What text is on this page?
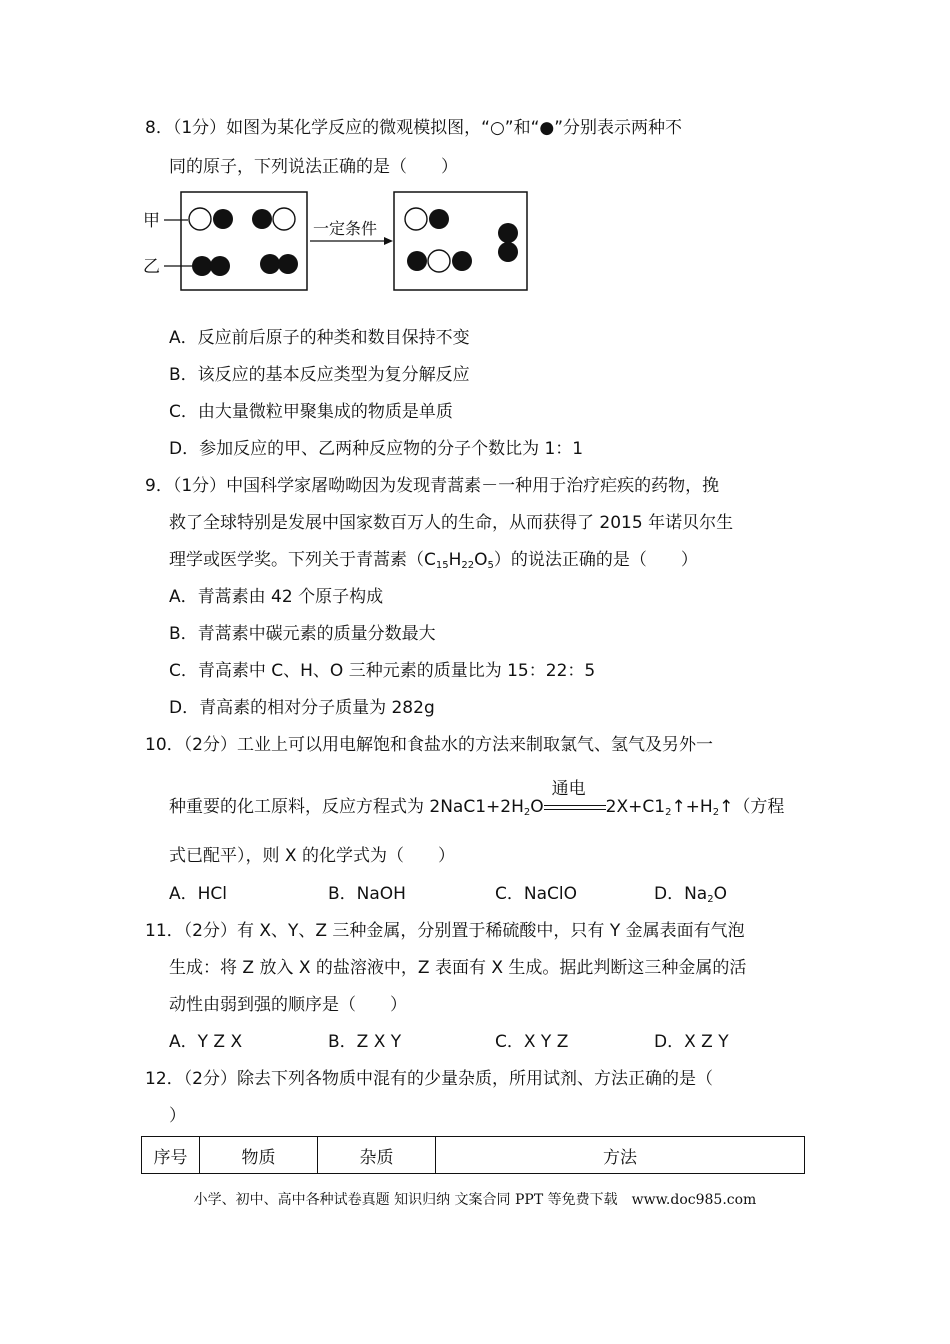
8．（1分）如图为某化学反应的微观模拟图，“○”和“●”分别表示两种不
同的原子，下列说法正确的是（　　）
甲
乙
一定条件
A．反应前后原子的种类和数目保持不变
B．该反应的基本反应类型为复分解反应
C．由大量微粒甲聚集成的物质是单质
D．参加反应的甲、乙两种反应物的分子个数比为 1：1
9．（1分）中国科学家屠呦呦因为发现青蒿素－一种用于治疗疟疾的药物，挽
救了全球特别是发展中国家数百万人的生命，从而获得了 2015 年诺贝尔生
理学或医学奖。下列关于青蒿素$(C_{15}H_{22}O_5)$的说法正确的是（　　）
A．青蒿素由 42 个原子构成
B．青蒿素中碳元素的质量分数最大
C．青高素中 C、H、O 三种元素的质量比为 15：22：5
D．青高素的相对分子质量为 282g
10．（2分）工业上可以用电解饱和食盐水的方法来制取氯气、氢气及另外一
种重要的化工原料，反应方程式为 $2NaC1+2H_2O$
通电
$2X+C1_2↑+H_2↑$（方程
式已配平），则 X 的化学式为（　　）
A．HCl	B．NaOH	C．NaClO	D．$Na_2O$
11．（2分）有 X、Y、Z 三种金属，分别置于稀硫酸中，只有 Y 金属表面有气泡
生成：将 Z 放入 X 的盐溶液中，Z 表面有 X 生成。据此判断这三种金属的活
动性由弱到强的顺序是（　　）
A．Y Z X	B．Z X Y	C．X Y Z	D．X Z Y
12．（2分）除去下列各物质中混有的少量杂质，所用试剂、方法正确的是（
）
序号	物质	杂质	方法
小学、初中、高中各种试卷真题 知识归纳 文案合同 PPT 等免费下载　www.doc985.com
